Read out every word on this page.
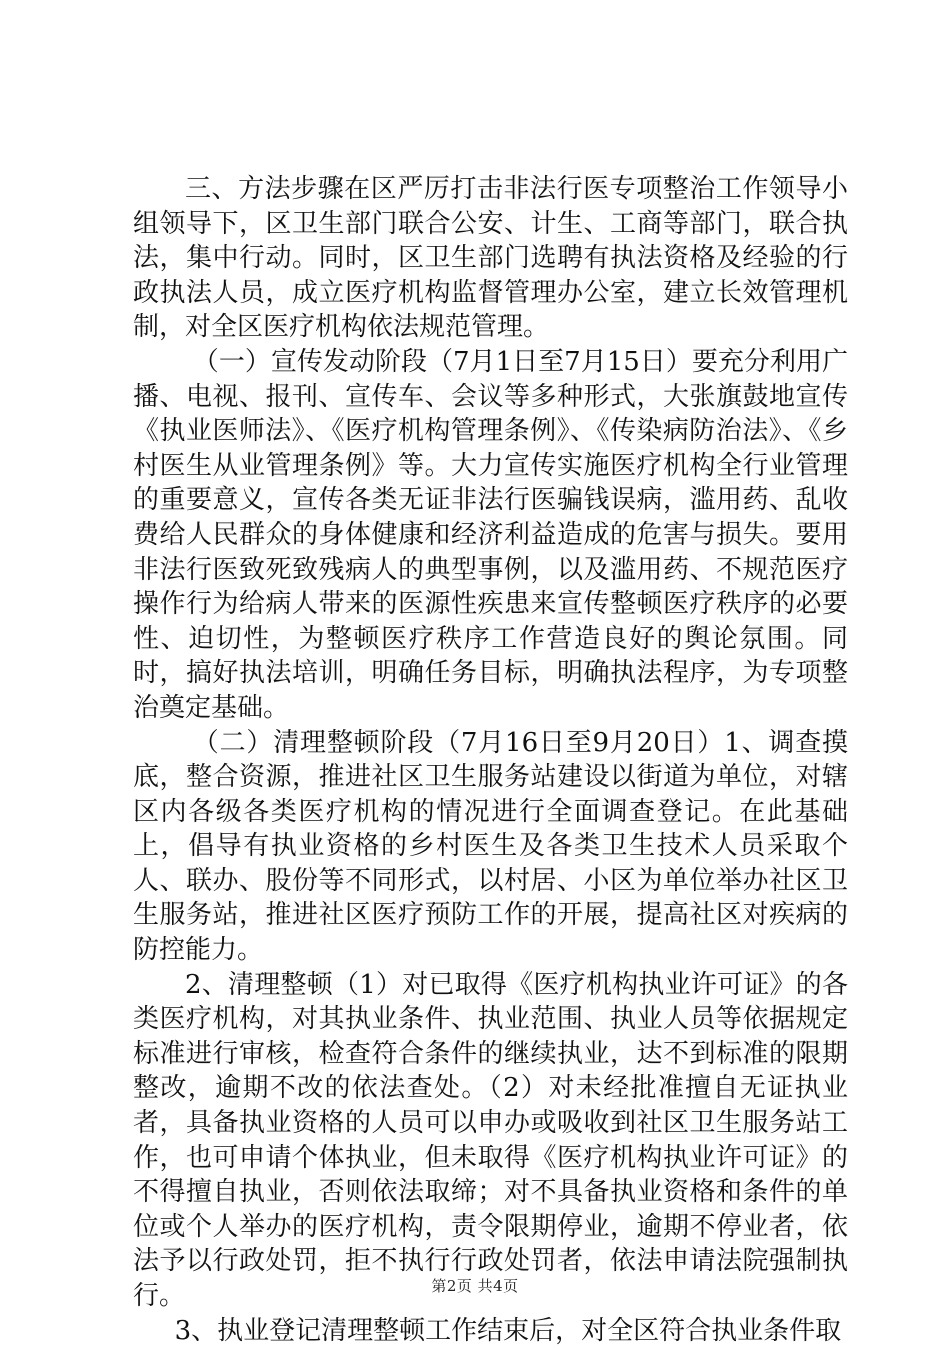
三、方法步骤在区严厉打击非法行医专项整治工作领导小组领导下，区卫生部门联合公安、计生、工商等部门，联合执法，集中行动。同时，区卫生部门选聘有执法资格及经验的行政执法人员，成立医疗机构监督管理办公室，建立长效管理机制，对全区医疗机构依法规范管理。

（一）宣传发动阶段（7月1日至7月15日）要充分利用广播、电视、报刊、宣传车、会议等多种形式，大张旗鼓地宣传《执业医师法》、《医疗机构管理条例》、《传染病防治法》、《乡村医生从业管理条例》等。大力宣传实施医疗机构全行业管理的重要意义，宣传各类无证非法行医骗钱误病，滥用药、乱收费给人民群众的身体健康和经济利益造成的危害与损失。要用非法行医致死致残病人的典型事例，以及滥用药、不规范医疗操作行为给病人带来的医源性疾患来宣传整顿医疗秩序的必要性、迫切性，为整顿医疗秩序工作营造良好的舆论氛围。同时，搞好执法培训，明确任务目标，明确执法程序，为专项整治奠定基础。

（二）清理整顿阶段（7月16日至9月20日）1、调查摸底，整合资源，推进社区卫生服务站建设以街道为单位，对辖区内各级各类医疗机构的情况进行全面调查登记。在此基础上，倡导有执业资格的乡村医生及各类卫生技术人员采取个人、联办、股份等不同形式，以村居、小区为单位举办社区卫生服务站，推进社区医疗预防工作的开展，提高社区对疾病的防控能力。

2、清理整顿（1）对已取得《医疗机构执业许可证》的各类医疗机构，对其执业条件、执业范围、执业人员等依据规定标准进行审核，检查符合条件的继续执业，达不到标准的限期整改，逾期不改的依法查处。（2）对未经批准擅自无证执业者，具备执业资格的人员可以申办或吸收到社区卫生服务站工作，也可申请个体执业，但未取得《医疗机构执业许可证》的不得擅自执业，否则依法取缔；对不具备执业资格和条件的单位或个人举办的医疗机构，责令限期停业，逾期不停业者，依法予以行政处罚，拒不执行行政处罚者，依法申请法院强制执行。

3、执业登记清理整顿工作结束后，对全区符合执业条件取

第2页 共4页
